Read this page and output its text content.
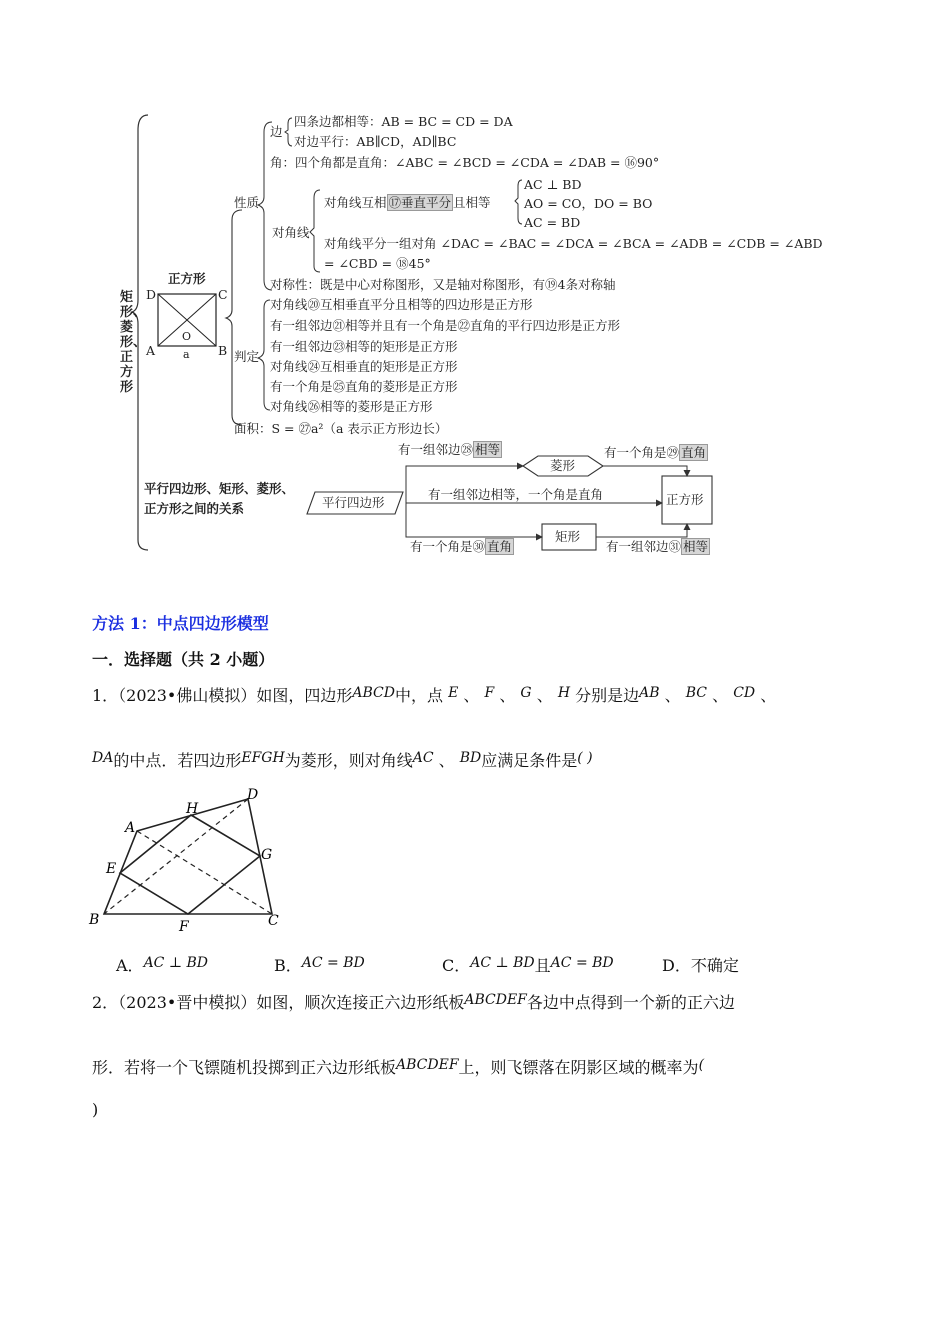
矩形、菱形、正方形
正方形
D	C
A	B
O
a
性质
判定
边
四条边都相等：AB = BC = CD = DA
对边平行：AB∥CD，AD∥BC
角：四个角都是直角：∠ABC = ∠BCD = ∠CDA = ∠DAB = ⑯90°
对角线
对角线互相 ⑰垂直平分 且相等
AC ⊥ BD
AO = CO，DO = BO
AC = BD
对角线平分一组对角 ∠DAC = ∠BAC = ∠DCA = ∠BCA = ∠ADB = ∠CDB = ∠ABD
= ∠CBD = ⑱45°
对称性：既是中心对称图形，又是轴对称图形，有⑲4条对称轴
对角线⑳互相垂直平分且相等的四边形是正方形
有一组邻边㉑相等并且有一个角是㉒直角的平行四边形是正方形
有一组邻边㉓相等的矩形是正方形
对角线㉔互相垂直的矩形是正方形
有一个角是㉕直角的菱形是正方形
对角线㉖相等的菱形是正方形
面积：S = ㉗a²（a 表示正方形边长）
平行四边形、矩形、菱形、
正方形之间的关系	平行四边形
菱形
正方形
矩形
有一组邻边㉘ 相等	有一个角是㉙ 直角
有一组邻边相等，一个角是直角
有一个角是㉚ 直角	有一组邻边㉛ 相等
方法 1：中点四边形模型
一．选择题（共 2 小题）
1．（2023•佛山模拟）如图，四边形ABCD中，点 E 、 F 、 G 、 H 分别是边AB 、 BC 、 CD 、
DA的中点．若四边形EFGH为菱形，则对角线AC 、 BD应满足条件是( )
A
B	C
D
E
F
G
H
A．AC ⊥ BD	B．AC = BD	C．AC ⊥ BD且AC = BD	D．不确定
2．（2023•晋中模拟）如图，顺次连接正六边形纸板ABCDEF各边中点得到一个新的正六边
形．若将一个飞镖随机投掷到正六边形纸板ABCDEF上，则飞镖落在阴影区域的概率为(
)
